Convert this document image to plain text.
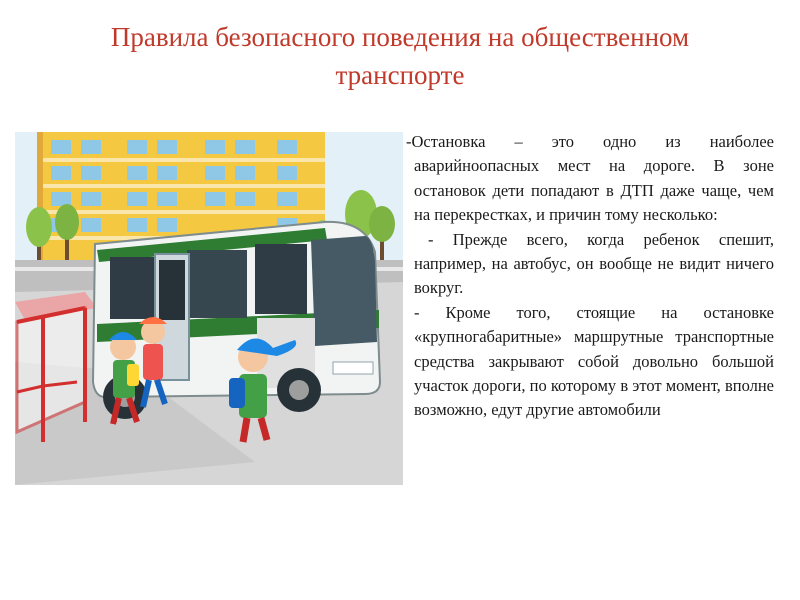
Правила безопасного поведения на общественном
транспорте

-Остановка – это одно из наиболее аварийноопасных мест на дороге. В зоне остановок дети попадают в ДТП даже чаще, чем на перекрестках, и причин тому несколько:

- Прежде всего, когда ребенок спешит, например, на автобус, он вообще не видит ничего вокруг.

- Кроме того, стоящие на остановке «крупногабаритные» маршрутные транспортные средства закрывают собой довольно большой участок дороги, по которому в этот момент, вполне возможно, едут другие автомобили
